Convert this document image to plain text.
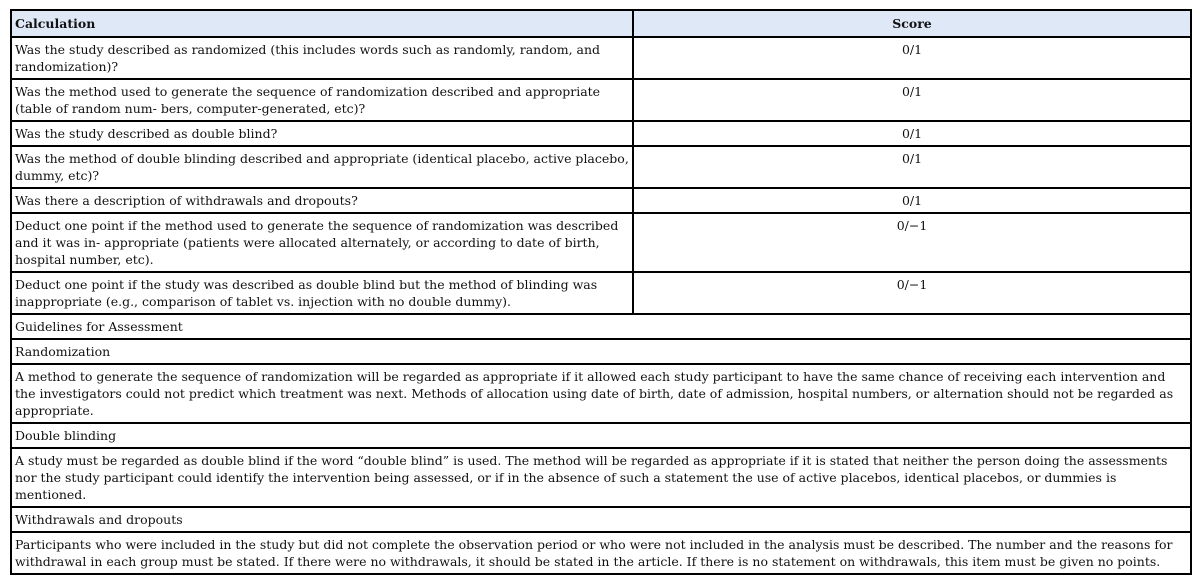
Calculation	Score
Was the study described as randomized (this includes words such as randomly, random, and randomization)?	0/1
Was the method used to generate the sequence of randomization described and appropriate (table of random num- bers, computer-generated, etc)?	0/1
Was the study described as double blind?	0/1
Was the method of double blinding described and appropriate (identical placebo, active placebo, dummy, etc)?	0/1
Was there a description of withdrawals and dropouts?	0/1
Deduct one point if the method used to generate the sequence of randomization was described and it was in- appropriate (patients were allocated alternately, or according to date of birth, hospital number, etc).	0/−1
Deduct one point if the study was described as double blind but the method of blinding was inappropriate (e.g., comparison of tablet vs. injection with no double dummy).	0/−1
Guidelines for Assessment	
Randomization	
A method to generate the sequence of randomization will be regarded as appropriate if it allowed each study participant to have the same chance of receiving each intervention and the investigators could not predict which treatment was next. Methods of allocation using date of birth, date of admission, hospital numbers, or alternation should not be regarded as appropriate.	
Double blinding	
A study must be regarded as double blind if the word “double blind” is used. The method will be regarded as appropriate if it is stated that neither the person doing the assessments nor the study participant could identify the intervention being assessed, or if in the absence of such a statement the use of active placebos, identical placebos, or dummies is mentioned.	
Withdrawals and dropouts	
Participants who were included in the study but did not complete the observation period or who were not included in the analysis must be described. The number and the reasons for withdrawal in each group must be stated. If there were no withdrawals, it should be stated in the article. If there is no statement on withdrawals, this item must be given no points.	
